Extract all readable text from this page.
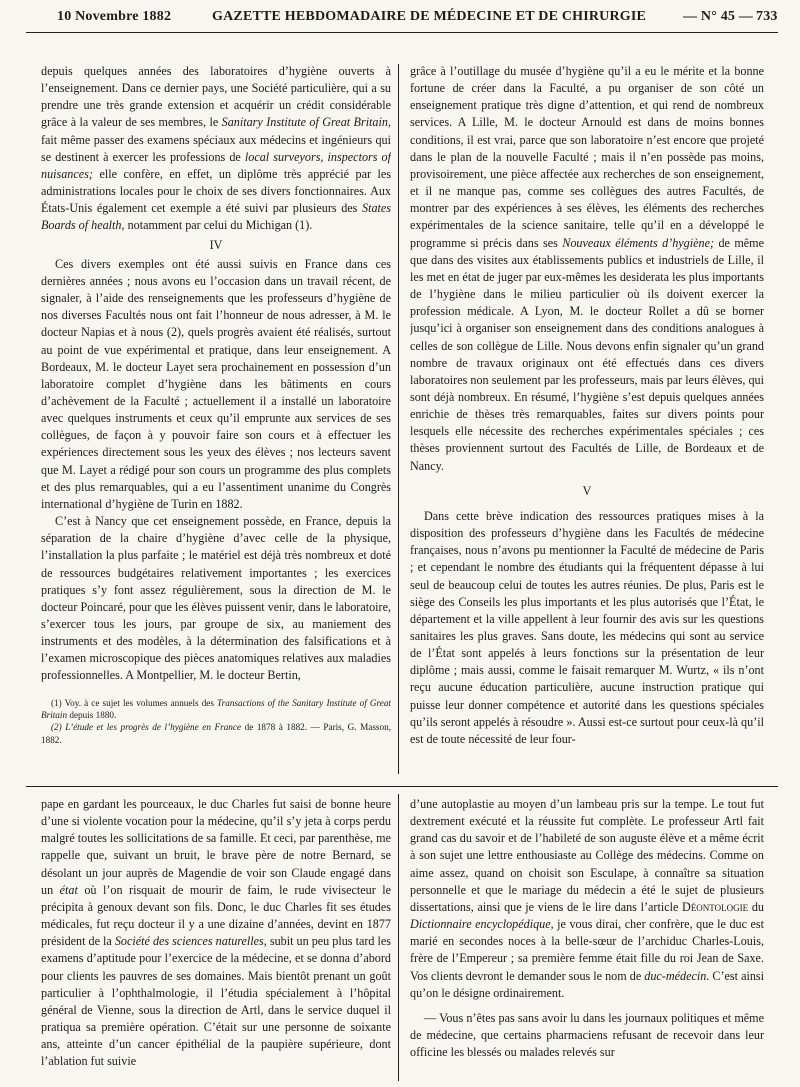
10 Novembre 1882	GAZETTE HEBDOMADAIRE DE MÉDECINE ET DE CHIRURGIE	— N° 45 — 733

depuis quelques années des laboratoires d’hygiène ouverts à l’enseignement. Dans ce dernier pays, une Société particulière, qui a su prendre une très grande extension et acquérir un crédit considérable grâce à la valeur de ses membres, le Sanitary Institute of Great Britain, fait même passer des examens spéciaux aux médecins et ingénieurs qui se destinent à exercer les professions de local surveyors, inspectors of nuisances; elle confère, en effet, un diplôme très apprécié par les administrations locales pour le choix de ses divers fonctionnaires. Aux États-Unis également cet exemple a été suivi par plusieurs des States Boards of health, notamment par celui du Michigan (1).

IV

Ces divers exemples ont été aussi suivis en France dans ces dernières années ; nous avons eu l’occasion dans un travail récent, de signaler, à l’aide des renseignements que les professeurs d’hygiène de nos diverses Facultés nous ont fait l’honneur de nous adresser, à M. le docteur Napias et à nous (2), quels progrès avaient été réalisés, surtout au point de vue expérimental et pratique, dans leur enseignement. A Bordeaux, M. le docteur Layet sera prochainement en possession d’un laboratoire complet d’hygiène dans les bâtiments en cours d’achèvement de la Faculté ; actuellement il a installé un laboratoire avec quelques instruments et ceux qu’il emprunte aux services de ses collègues, de façon à y pouvoir faire son cours et à effectuer les expériences directement sous les yeux des élèves ; nos lecteurs savent que M. Layet a rédigé pour son cours un programme des plus complets et des plus remarquables, qui a eu l’assentiment unanime du Congrès international d’hygiène de Turin en 1882.

C’est à Nancy que cet enseignement possède, en France, depuis la séparation de la chaire d’hygiène d’avec celle de la physique, l’installation la plus parfaite ; le matériel est déjà très nombreux et doté de ressources budgétaires relativement importantes ; les exercices pratiques s’y font assez régulièrement, sous la direction de M. le docteur Poincaré, pour que les élèves puissent venir, dans le laboratoire, s’exercer tous les jours, par groupe de six, au maniement des instruments et des modèles, à la détermination des falsifications et à l’examen microscopique des pièces anatomiques relatives aux maladies professionnelles. A Montpellier, M. le docteur Bertin,

(1) Voy. à ce sujet les volumes annuels des Transactions of the Sanitary Institute of Great Britain depuis 1880.

(2) L’étude et les progrès de l’hygiène en France de 1878 à 1882. — Paris, G. Masson, 1882.

grâce à l’outillage du musée d’hygiène qu’il a eu le mérite et la bonne fortune de créer dans la Faculté, a pu organiser de son côté un enseignement pratique très digne d’attention, et qui rend de nombreux services. A Lille, M. le docteur Arnould est dans de moins bonnes conditions, il est vrai, parce que son laboratoire n’est encore que projeté dans le plan de la nouvelle Faculté ; mais il n’en possède pas moins, provisoirement, une pièce affectée aux recherches de son enseignement, et il ne manque pas, comme ses collègues des autres Facultés, de montrer par des expériences à ses élèves, les éléments des recherches expérimentales de la science sanitaire, telle qu’il en a développé le programme si précis dans ses Nouveaux éléments d’hygiène; de même que dans des visites aux établissements publics et industriels de Lille, il les met en état de juger par eux-mêmes les desiderata les plus importants de l’hygiène dans le milieu particulier où ils doivent exercer la profession médicale. A Lyon, M. le docteur Rollet a dû se borner jusqu’ici à organiser son enseignement dans des conditions analogues à celles de son collègue de Lille. Nous devons enfin signaler qu’un grand nombre de travaux originaux ont été effectués dans ces divers laboratoires non seulement par les professeurs, mais par leurs élèves, qui sont déjà nombreux. En résumé, l’hygiène s’est depuis quelques années enrichie de thèses très remarquables, faites sur divers points pour lesquels elle nécessite des recherches expérimentales spéciales ; ces thèses proviennent surtout des Facultés de Lille, de Bordeaux et de Nancy.

V

Dans cette brève indication des ressources pratiques mises à la disposition des professeurs d’hygiène dans les Facultés de médecine françaises, nous n’avons pu mentionner la Faculté de médecine de Paris ; et cependant le nombre des étudiants qui la fréquentent dépasse à lui seul de beaucoup celui de toutes les autres réunies. De plus, Paris est le siège des Conseils les plus importants et les plus autorisés que l’État, le département et la ville appellent à leur fournir des avis sur les questions sanitaires les plus graves. Sans doute, les médecins qui sont au service de l’État sont appelés à leurs fonctions sur la présentation de leur diplôme ; mais aussi, comme le faisait remarquer M. Wurtz, « ils n’ont reçu aucune éducation particulière, aucune instruction pratique qui puisse leur donner compétence et autorité dans les questions spéciales qu’ils seront appelés à résoudre ». Aussi est-ce surtout pour ceux-là qu’il est de toute nécessité de leur four-

pape en gardant les pourceaux, le duc Charles fut saisi de bonne heure d’une si violente vocation pour la médecine, qu’il s’y jeta à corps perdu malgré toutes les sollicitations de sa famille. Et ceci, par parenthèse, me rappelle que, suivant un bruit, le brave père de notre Bernard, se désolant un jour auprès de Magendie de voir son Claude engagé dans un état où l’on risquait de mourir de faim, le rude vivisecteur le précipita à genoux devant son fils. Donc, le duc Charles fit ses études médicales, fut reçu docteur il y a une dizaine d’années, devint en 1877 président de la Société des sciences naturelles, subit un peu plus tard les examens d’aptitude pour l’exercice de la médecine, et se donna d’abord pour clients les pauvres de ses domaines. Mais bientôt prenant un goût particulier à l’ophthalmologie, il l’étudia spécialement à l’hôpital général de Vienne, sous la direction de Artl, dans le service duquel il pratiqua sa première opération. C’était sur une personne de soixante ans, atteinte d’un cancer épithélial de la paupière supérieure, dont l’ablation fut suivie

d’une autoplastie au moyen d’un lambeau pris sur la tempe. Le tout fut dextrement exécuté et la réussite fut complète. Le professeur Artl fait grand cas du savoir et de l’habileté de son auguste élève et a même écrit à son sujet une lettre enthousiaste au Collège des médecins. Comme on aime assez, quand on choisit son Esculape, à connaître sa situation personnelle et que le mariage du médecin a été le sujet de plusieurs dissertations, ainsi que je viens de le lire dans l’article Déontologie du Dictionnaire encyclopédique, je vous dirai, cher confrère, que le duc est marié en secondes noces à la belle-sœur de l’archiduc Charles-Louis, frère de l’Empereur ; sa première femme était fille du roi Jean de Saxe. Vos clients devront le demander sous le nom de duc-médecin. C’est ainsi qu’on le désigne ordinairement.

— Vous n’êtes pas sans avoir lu dans les journaux politiques et même de médecine, que certains pharmaciens refusant de recevoir dans leur officine les blessés ou malades relevés sur
